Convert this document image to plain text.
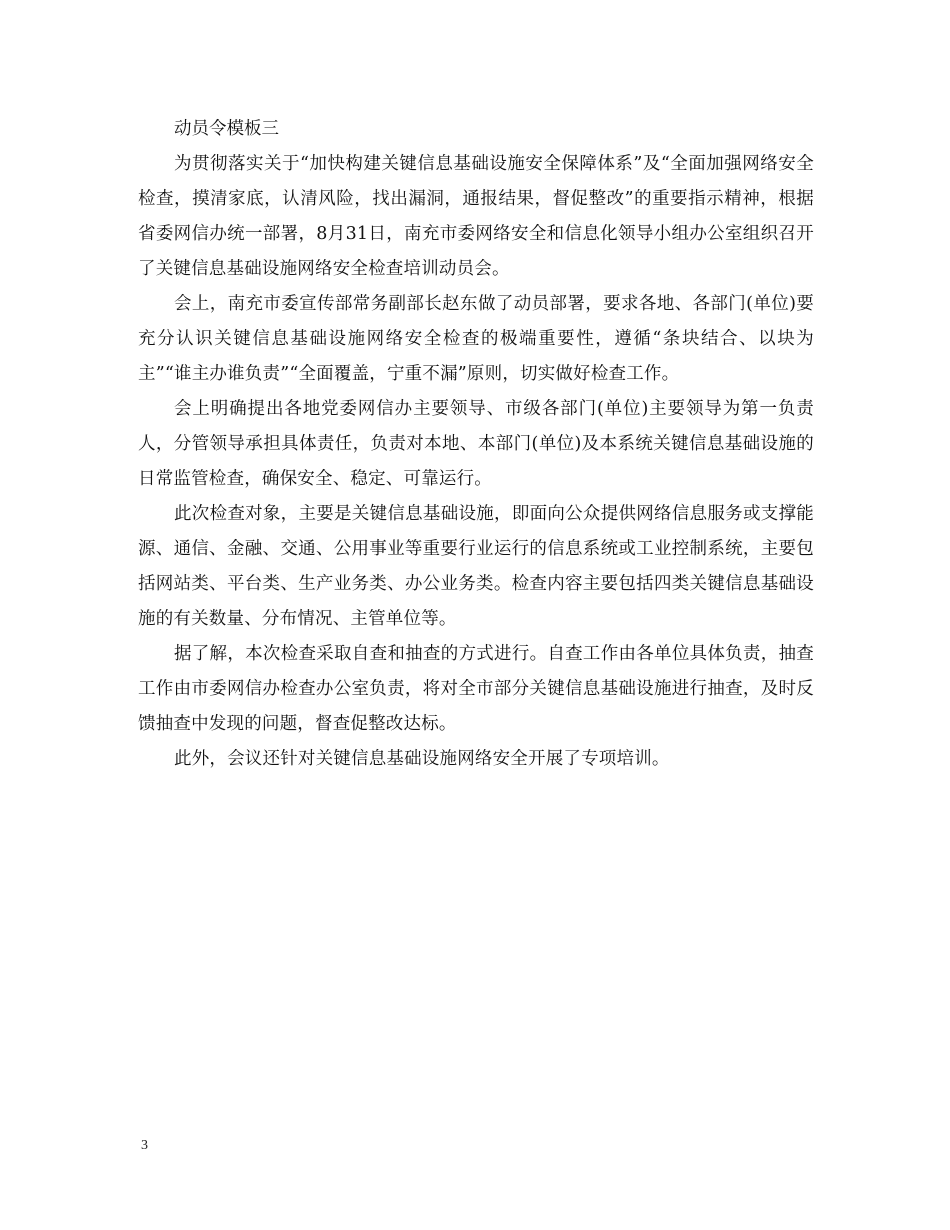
动员令模板三

为贯彻落实关于“加快构建关键信息基础设施安全保障体系”及“全面加强网络安全检查，摸清家底，认清风险，找出漏洞，通报结果，督促整改”的重要指示精神，根据省委网信办统一部署，8月31日，南充市委网络安全和信息化领导小组办公室组织召开了关键信息基础设施网络安全检查培训动员会。

会上，南充市委宣传部常务副部长赵东做了动员部署，要求各地、各部门(单位)要充分认识关键信息基础设施网络安全检查的极端重要性，遵循“条块结合、以块为主”“谁主办谁负责”“全面覆盖，宁重不漏”原则，切实做好检查工作。

会上明确提出各地党委网信办主要领导、市级各部门(单位)主要领导为第一负责人，分管领导承担具体责任，负责对本地、本部门(单位)及本系统关键信息基础设施的日常监管检查，确保安全、稳定、可靠运行。

此次检查对象，主要是关键信息基础设施，即面向公众提供网络信息服务或支撑能源、通信、金融、交通、公用事业等重要行业运行的信息系统或工业控制系统，主要包括网站类、平台类、生产业务类、办公业务类。检查内容主要包括四类关键信息基础设施的有关数量、分布情况、主管单位等。

据了解，本次检查采取自查和抽查的方式进行。自查工作由各单位具体负责，抽查工作由市委网信办检查办公室负责，将对全市部分关键信息基础设施进行抽查，及时反馈抽查中发现的问题，督查促整改达标。

此外，会议还针对关键信息基础设施网络安全开展了专项培训。

3
